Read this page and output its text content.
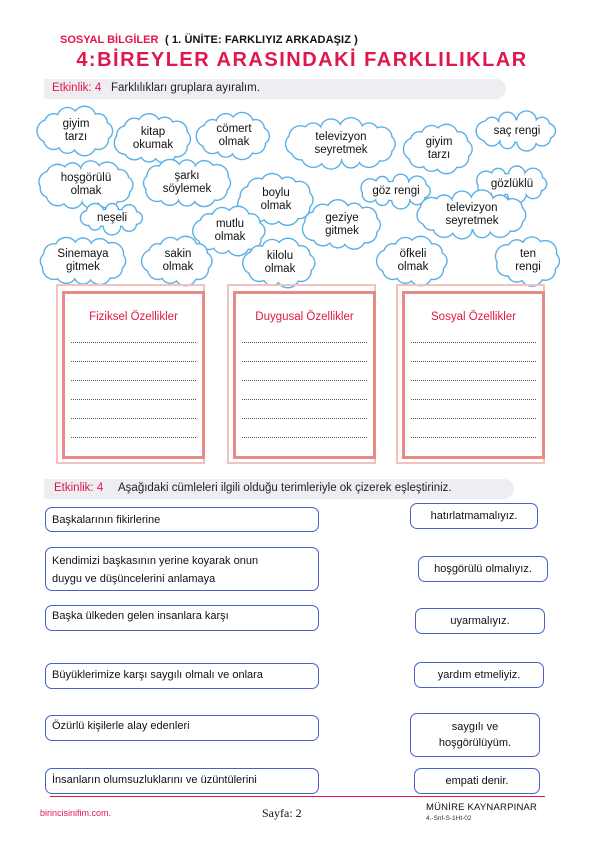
SOSYAL BİLGİLER ( 1. ÜNİTE: FARKLIYIZ ARKADAŞIZ )
4:BİREYLER ARASINDAKİ FARKLILIKLAR
Etkinlik: 4 Farklılıkları gruplara ayıralım.
giyim
tarzı	kitap
okumak
cömert
olmak	televizyon
seyretmek
giyim
tarzı
saç rengi
hoşgörülü
olmak
şarkı
söylemek	boylu
olmak
göz rengi
gözlüklü
neşeli
mutlu
olmak
geziye
gitmek
televizyon
seyretmek
Sinemaya
gitmek
sakin
olmak
kilolu
olmak
öfkeli
olmak
ten
rengi
Fiziksel Özellikler	Duygusal Özellikler	Sosyal Özellikler
Etkinlik: 4 Aşağıdaki cümleleri ilgili olduğu terimleriyle ok çizerek eşleştiriniz.
Başkalarının fikirlerine
Kendimizi başkasının yerine koyarak onun
duygu ve düşüncelerini anlamaya
Başka ülkeden gelen insanlara karşı
Büyüklerimize karşı saygılı olmalı ve onlara
Özürlü kişilerle alay edenleri
İnsanların olumsuzluklarını ve üzüntülerini
hatırlatmamalıyız.
hoşgörülü olmalıyız.
uyarmalıyız.
yardım etmeliyiz.
saygılı ve
hoşgörülüyüm.
empati denir.
birincisinifim.com.	Sayfa: 2	MÜNİRE KAYNARPINAR
4.-Snf-S-1Ht-02
